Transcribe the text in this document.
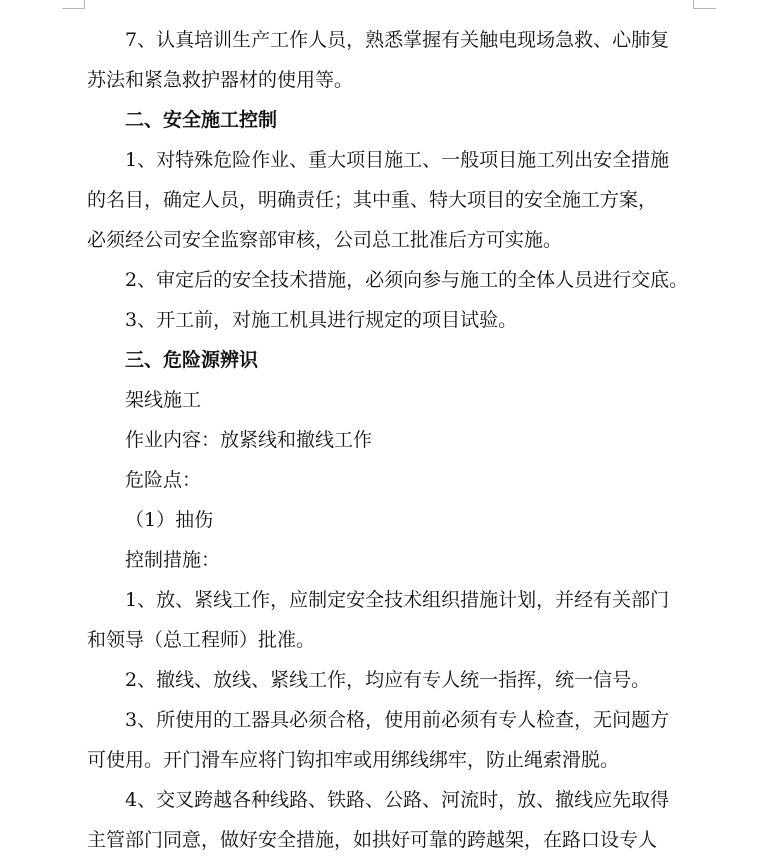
7、认真培训生产工作人员，熟悉掌握有关触电现场急救、心肺复

苏法和紧急救护器材的使用等。

二、安全施工控制

1、对特殊危险作业、重大项目施工、一般项目施工列出安全措施

的名目，确定人员，明确责任；其中重、特大项目的安全施工方案，

必须经公司安全监察部审核，公司总工批准后方可实施。

2、审定后的安全技术措施，必须向参与施工的全体人员进行交底。

3、开工前，对施工机具进行规定的项目试验。

三、危险源辨识

架线施工

作业内容：放紧线和撤线工作

危险点：

（1）抽伤

控制措施：

1、放、紧线工作，应制定安全技术组织措施计划，并经有关部门

和领导（总工程师）批准。

2、撤线、放线、紧线工作，均应有专人统一指挥，统一信号。

3、所使用的工器具必须合格，使用前必须有专人检查，无问题方

可使用。开门滑车应将门钩扣牢或用绑线绑牢，防止绳索滑脱。

4、交叉跨越各种线路、铁路、公路、河流时，放、撤线应先取得

主管部门同意，做好安全措施，如拱好可靠的跨越架，在路口设专人
